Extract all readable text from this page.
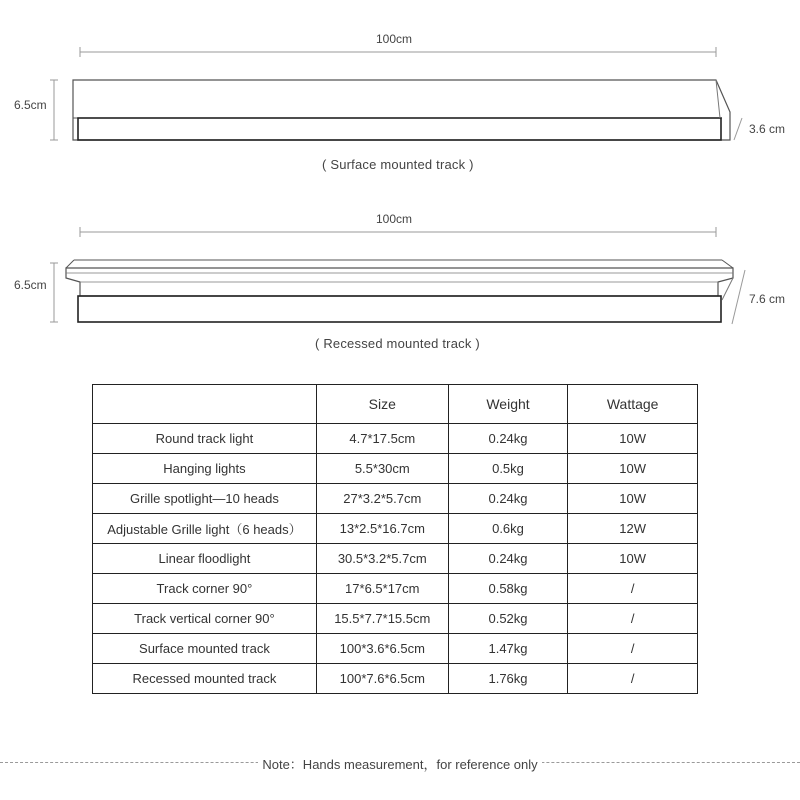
100cm
6.5cm
3.6 cm
( Surface mounted track )
100cm
6.5cm
7.6 cm
( Recessed mounted track )
	Size	Weight	Wattage
Round track light	4.7*17.5cm	0.24kg	10W
Hanging lights	5.5*30cm	0.5kg	10W
Grille spotlight—10 heads	27*3.2*5.7cm	0.24kg	10W
Adjustable Grille light（6 heads）	13*2.5*16.7cm	0.6kg	12W
Linear floodlight	30.5*3.2*5.7cm	0.24kg	10W
Track corner 90°	17*6.5*17cm	0.58kg	/
Track vertical corner 90°	15.5*7.7*15.5cm	0.52kg	/
Surface mounted track	100*3.6*6.5cm	1.47kg	/
Recessed mounted track	100*7.6*6.5cm	1.76kg	/
Note：Hands measurement，for reference only
